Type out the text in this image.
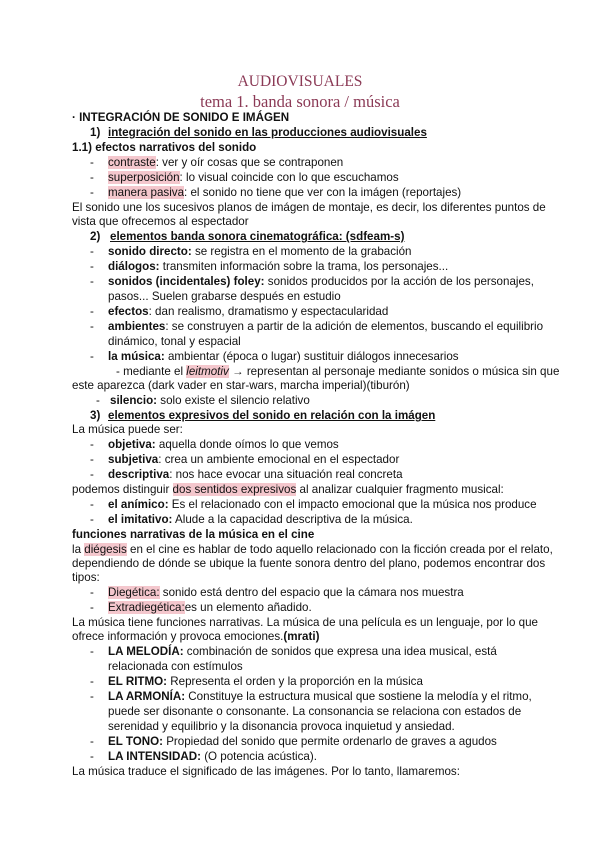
AUDIOVISUALES
tema 1. banda sonora / música
· INTEGRACIÓN DE SONIDO E IMÁGEN
1) integración del sonido en las producciones audiovisuales
1.1) efectos narrativos del sonido
- contraste: ver y oír cosas que se contraponen
- superposición: lo visual coincide con lo que escuchamos
- manera pasiva: el sonido no tiene que ver con la imágen (reportajes)
El sonido une los sucesivos planos de imágen de montaje, es decir, los diferentes puntos de
vista que ofrecemos al espectador
2) elementos banda sonora cinematográfica: (sdfeam-s)
- sonido directo: se registra en el momento de la grabación
- diálogos: transmiten información sobre la trama, los personajes...
- sonidos (incidentales) foley: sonidos producidos por la acción de los personajes,
pasos... Suelen grabarse después en estudio
- efectos: dan realismo, dramatismo y espectacularidad
- ambientes: se construyen a partir de la adición de elementos, buscando el equilibrio
dinámico, tonal y espacial
- la música: ambientar (época o lugar) sustituir diálogos innecesarios
- mediante el leitmotiv → representan al personaje mediante sonidos o música sin que
este aparezca (dark vader en star-wars, marcha imperial)(tiburón)
- silencio: solo existe el silencio relativo
3) elementos expresivos del sonido en relación con la imágen
La música puede ser:
- objetiva: aquella donde oímos lo que vemos
- subjetiva: crea un ambiente emocional en el espectador
- descriptiva: nos hace evocar una situación real concreta
podemos distinguir dos sentidos expresivos al analizar cualquier fragmento musical:
- el anímico: Es el relacionado con el impacto emocional que la música nos produce
- el imitativo: Alude a la capacidad descriptiva de la música.
funciones narrativas de la música en el cine
la diégesis en el cine es hablar de todo aquello relacionado con la ficción creada por el relato,
dependiendo de dónde se ubique la fuente sonora dentro del plano, podemos encontrar dos
tipos:
- Diegética: sonido está dentro del espacio que la cámara nos muestra
- Extradiegética:es un elemento añadido.
La música tiene funciones narrativas. La música de una película es un lenguaje, por lo que
ofrece información y provoca emociones.(mrati)
- LA MELODÍA: combinación de sonidos que expresa una idea musical, está
relacionada con estímulos
- EL RITMO: Representa el orden y la proporción en la música
- LA ARMONÍA: Constituye la estructura musical que sostiene la melodía y el ritmo,
puede ser disonante o consonante. La consonancia se relaciona con estados de
serenidad y equilibrio y la disonancia provoca inquietud y ansiedad.
- EL TONO: Propiedad del sonido que permite ordenarlo de graves a agudos
- LA INTENSIDAD: (O potencia acústica).
La música traduce el significado de las imágenes. Por lo tanto, llamaremos:
